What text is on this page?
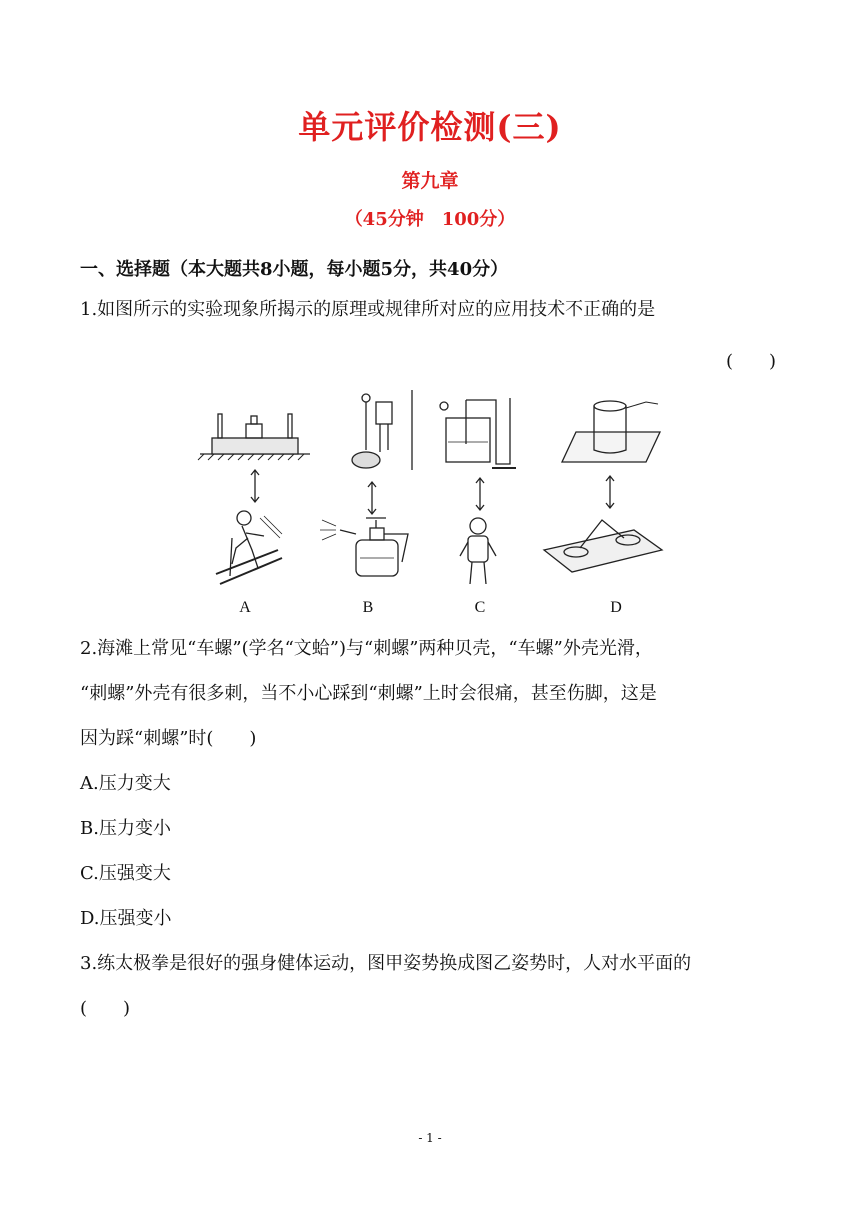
单元评价检测(三)
第九章
（45分钟　100分）
一、选择题（本大题共8小题，每小题5分，共40分）
1.如图所示的实验现象所揭示的原理或规律所对应的应用技术不正确的是
(　　)
A	B	C	D
2.海滩上常见“车螺”(学名“文蛤”)与“刺螺”两种贝壳，“车螺”外壳光滑，
“刺螺”外壳有很多刺，当不小心踩到“刺螺”上时会很痛，甚至伤脚，这是
因为踩“刺螺”时(　　)
A.压力变大
B.压力变小
C.压强变大
D.压强变小
3.练太极拳是很好的强身健体运动，图甲姿势换成图乙姿势时，人对水平面的
(　　)
- 1 -
